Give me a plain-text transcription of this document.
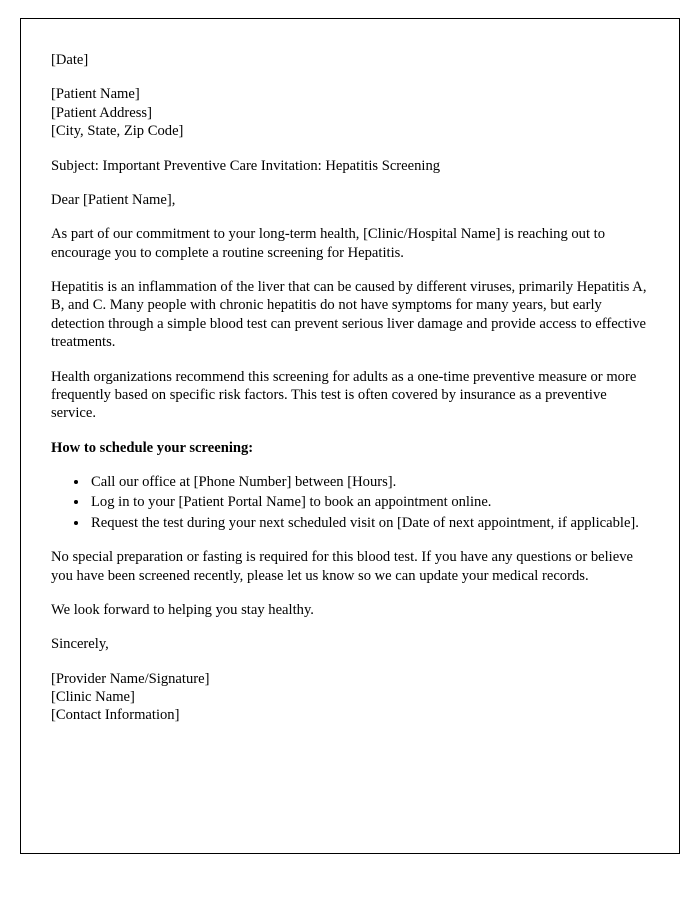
[Date]

[Patient Name]

[Patient Address]

[City, State, Zip Code]

Subject: Important Preventive Care Invitation: Hepatitis Screening

Dear [Patient Name],

As part of our commitment to your long-term health, [Clinic/Hospital Name] is reaching out to encourage you to complete a routine screening for Hepatitis.

Hepatitis is an inflammation of the liver that can be caused by different viruses, primarily Hepatitis A, B, and C. Many people with chronic hepatitis do not have symptoms for many years, but early detection through a simple blood test can prevent serious liver damage and provide access to effective treatments.

Health organizations recommend this screening for adults as a one-time preventive measure or more frequently based on specific risk factors. This test is often covered by insurance as a preventive service.

How to schedule your screening:

• Call our office at [Phone Number] between [Hours].
• Log in to your [Patient Portal Name] to book an appointment online.
• Request the test during your next scheduled visit on [Date of next appointment, if applicable].

No special preparation or fasting is required for this blood test. If you have any questions or believe you have been screened recently, please let us know so we can update your medical records.

We look forward to helping you stay healthy.

Sincerely,

[Provider Name/Signature]

[Clinic Name]

[Contact Information]
